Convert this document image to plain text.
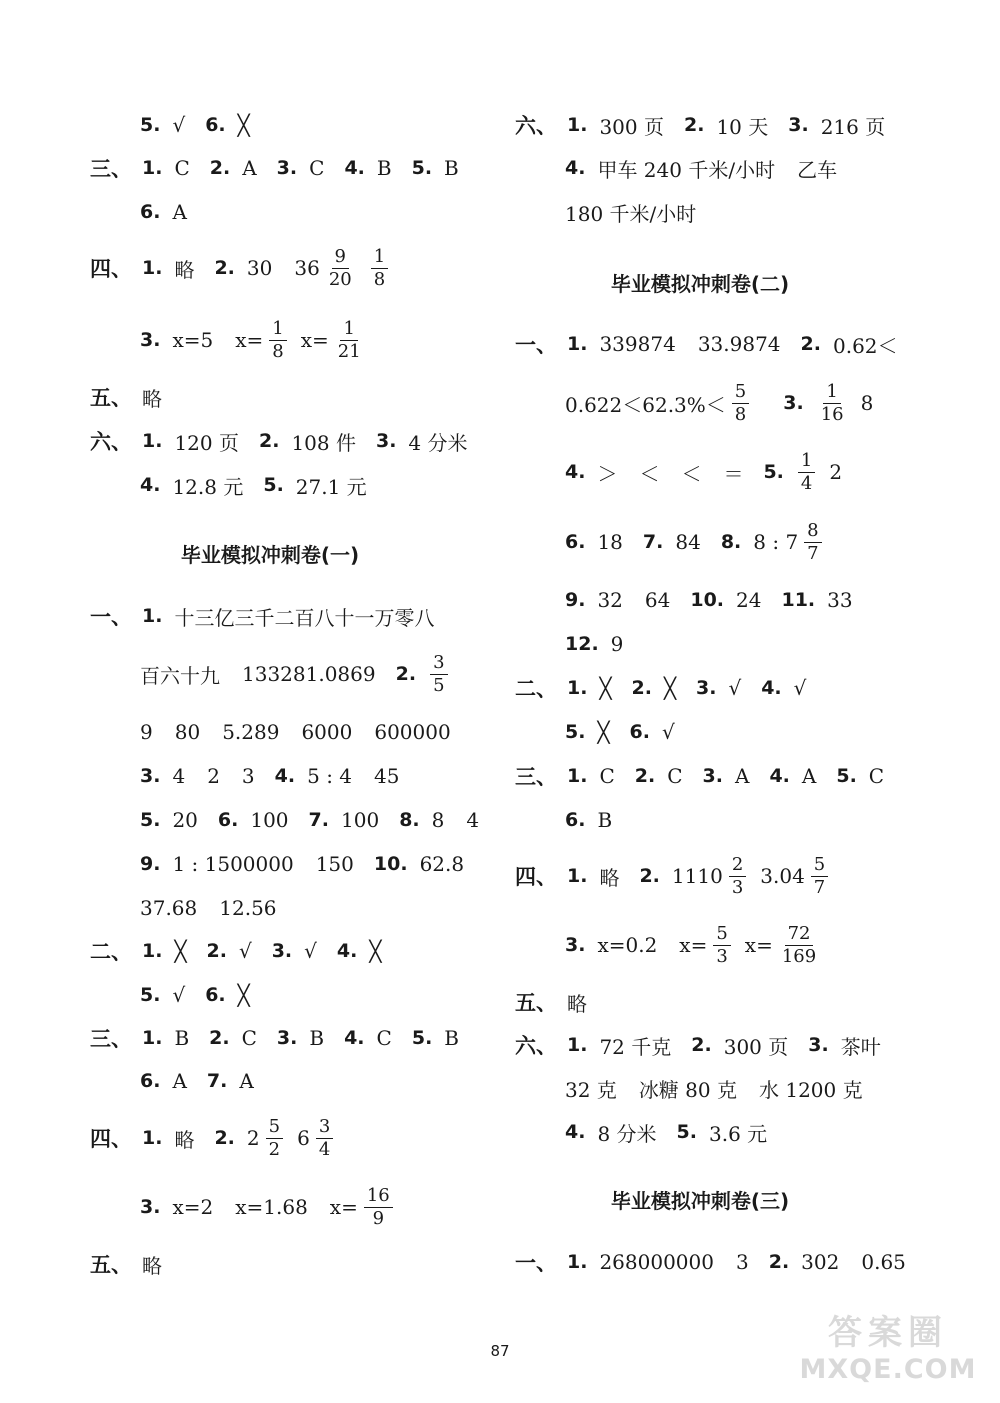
毕业模拟冲刺卷(一)
毕业模拟冲刺卷(二)
毕业模拟冲刺卷(三)
5. √ 6. ╳
三、 1. C 2. A 3. C 4. B 5. B
6. A
四、 1. 略 2. 30 $36 \frac{9}{20} \frac{1}{8}$
3. x=5 $x= \frac{1}{8} x= \frac{1}{21}$
五、 略
六、 1. 120 页 2. 108 件 3. 4 分米
4. 12.8 元 5. 27.1 元
一、 1. 十三亿三千二百八十一万零八
百六十九 133281.0869 2. $\frac{3}{5}$
9 80 5.289 6000 600000
3. 4 2 3 4. 5 : 4 45
5. 20 6. 100 7. 100 8. 8 4
9. 1 : 1500000 150 10. 62.8
37.68 12.56
二、 1. ╳ 2. √ 3. √ 4. ╳
5. √ 6. ╳
三、 1. B 2. C 3. B 4. C 5. B
6. A 7. A
四、 1. 略 2. $2 \frac{5}{2} 6 \frac{3}{4}$
3. x=2 x=1.68 $x= \frac{16}{9}$
五、 略
六、 1. 300 页 2. 10 天 3. 216 页
4. 甲车 240 千米/小时 乙车
180 千米/小时
一、 1. 339874 33.9874 2. 0.62＜
$0.622<62.3\%< \frac{5}{8} 3$. $\frac{1}{16} 8$
4. ＞ ＜ ＜ ＝ 5. $\frac{1}{4} 2$
6. 18 7. 84 8. 8 : $7 \frac{8}{7}$
9. 32 64 10. 24 11. 33
12. 9
二、 1. ╳ 2. ╳ 3. √ 4. √
5. ╳ 6. √
三、 1. C 2. C 3. A 4. A 5. C
6. B
四、 1. 略 2. $1110 \frac{2}{3} 3.04 \frac{5}{7}$
3. x=0.2 $x= \frac{5}{3} x= \frac{72}{169}$
五、 略
六、 1. 72 千克 2. 300 页 3. 茶叶
32 克 冰糖 80 克 水 1200 克
4. 8 分米 5. 3.6 元
一、 1. 268000000 3 2. 302 0.65
87	答案圈
MXQE.COM
